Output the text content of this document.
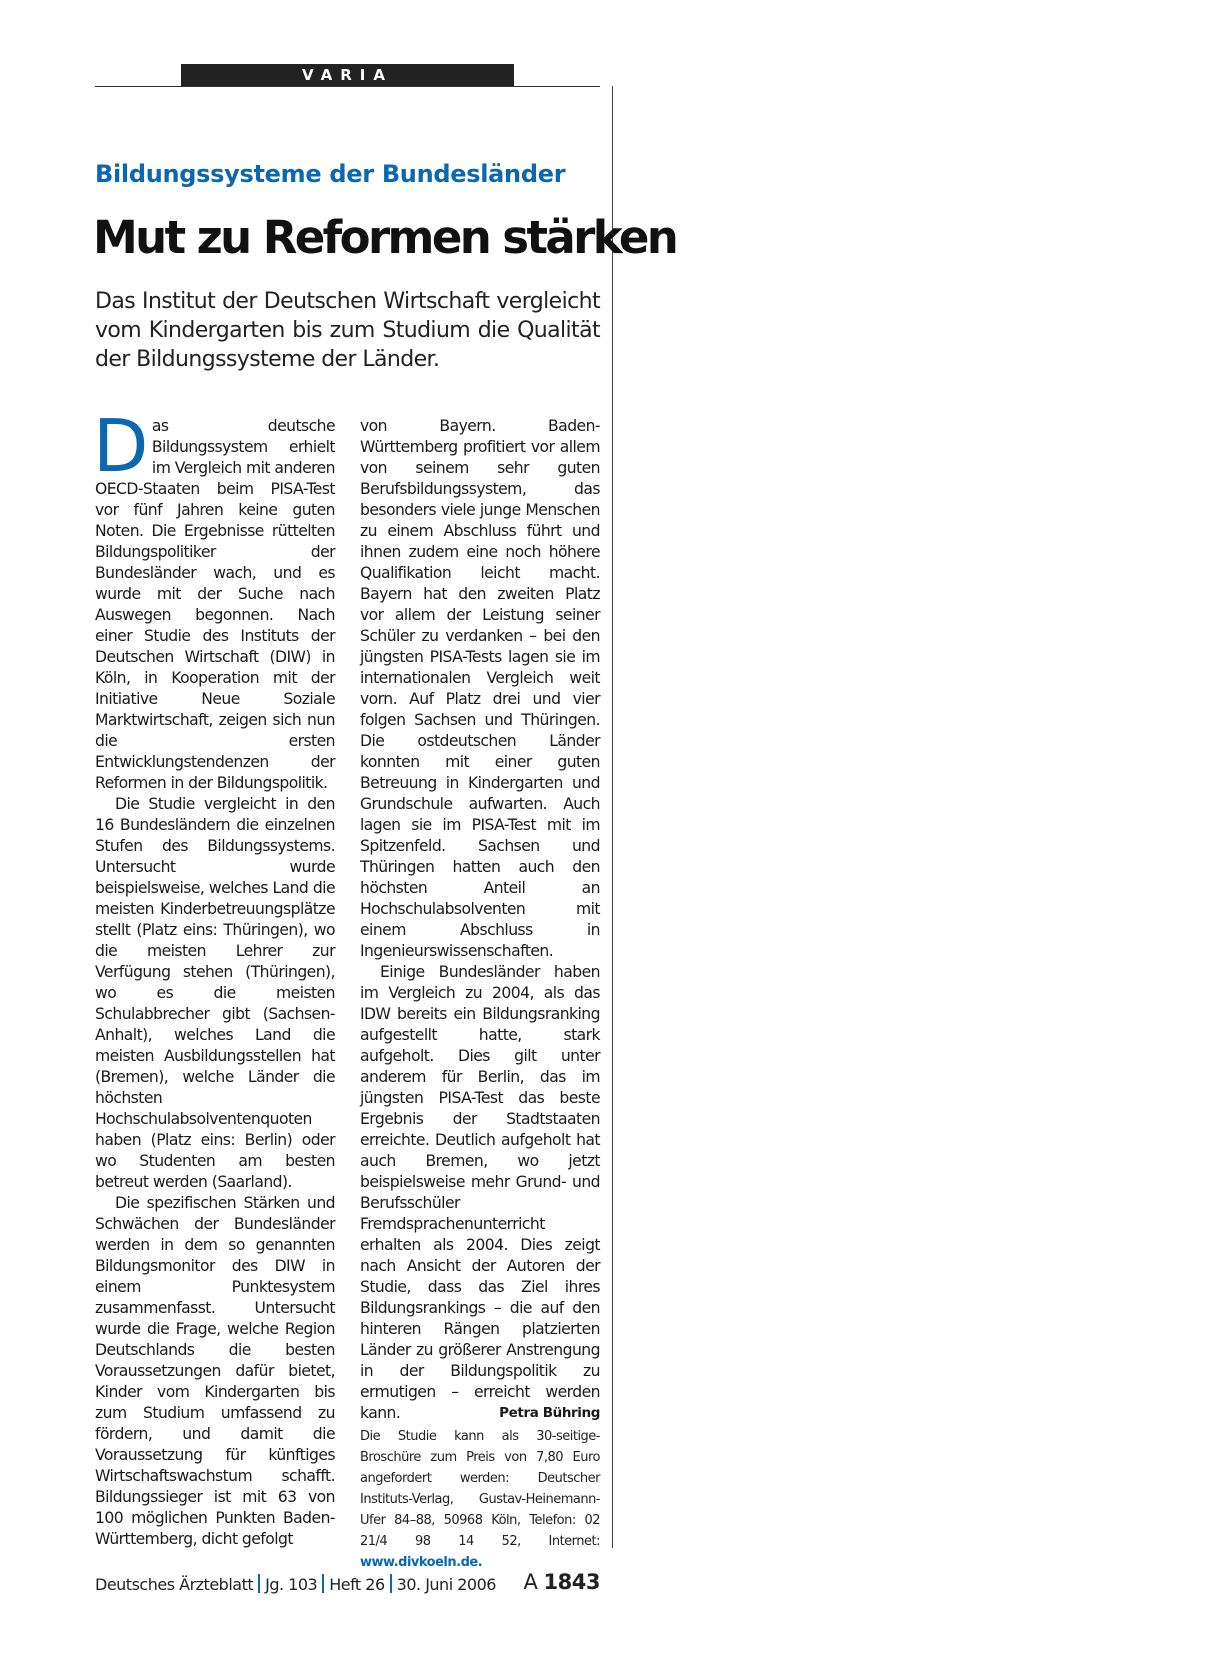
VARIA
Bildungssysteme der Bundesländer
Mut zu Reformen stärken
Das Institut der Deutschen Wirtschaft vergleicht vom Kindergarten bis zum Studium die Qualität der Bildungssysteme der Länder.

Das deutsche Bildungssystem erhielt im Vergleich mit anderen OECD-Staaten beim PISA-Test vor fünf Jahren keine guten Noten. Die Ergebnisse rüttelten Bildungspolitiker der Bundesländer wach, und es wurde mit der Suche nach Auswegen begonnen. Nach einer Studie des Instituts der Deutschen Wirtschaft (DIW) in Köln, in Kooperation mit der Initiative Neue Soziale Marktwirtschaft, zeigen sich nun die ersten Entwicklungstendenzen der Reformen in der Bildungspolitik.

Die Studie vergleicht in den 16 Bundesländern die einzelnen Stufen des Bildungssystems. Untersucht wurde beispielsweise, welches Land die meisten Kinderbetreuungsplätze stellt (Platz eins: Thüringen), wo die meisten Lehrer zur Verfügung stehen (Thüringen), wo es die meisten Schulabbrecher gibt (Sachsen-Anhalt), welches Land die meisten Ausbildungsstellen hat (Bremen), welche Länder die höchsten Hochschulabsolventenquoten haben (Platz eins: Berlin) oder wo Studenten am besten betreut werden (Saarland).

Die spezifischen Stärken und Schwächen der Bundesländer werden in dem so genannten Bildungsmonitor des DIW in einem Punktesystem zusammenfasst. Untersucht wurde die Frage, welche Region Deutschlands die besten Voraussetzungen dafür bietet, Kinder vom Kindergarten bis zum Studium umfassend zu fördern, und damit die Voraussetzung für künftiges Wirtschaftswachstum schafft. Bildungssieger ist mit 63 von 100 möglichen Punkten Baden-Württemberg, dicht gefolgt

von Bayern. Baden-Württemberg profitiert vor allem von seinem sehr guten Berufsbildungssystem, das besonders viele junge Menschen zu einem Abschluss führt und ihnen zudem eine noch höhere Qualifikation leicht macht. Bayern hat den zweiten Platz vor allem der Leistung seiner Schüler zu verdanken – bei den jüngsten PISA-Tests lagen sie im internationalen Vergleich weit vorn. Auf Platz drei und vier folgen Sachsen und Thüringen. Die ostdeutschen Länder konnten mit einer guten Betreuung in Kindergarten und Grundschule aufwarten. Auch lagen sie im PISA-Test mit im Spitzenfeld. Sachsen und Thüringen hatten auch den höchsten Anteil an Hochschulabsolventen mit einem Abschluss in Ingenieurswissenschaften.

Einige Bundesländer haben im Vergleich zu 2004, als das IDW bereits ein Bildungsranking aufgestellt hatte, stark aufgeholt. Dies gilt unter anderem für Berlin, das im jüngsten PISA-Test das beste Ergebnis der Stadtstaaten erreichte. Deutlich aufgeholt hat auch Bremen, wo jetzt beispielsweise mehr Grund- und Berufsschüler Fremdsprachenunterricht erhalten als 2004. Dies zeigt nach Ansicht der Autoren der Studie, dass das Ziel ihres Bildungsrankings – die auf den hinteren Rängen platzierten Länder zu größerer Anstrengung in der Bildungspolitik zu ermutigen – erreicht werden kann.	Petra Bühring

Die Studie kann als 30-seitige-Broschüre zum Preis von 7,80 Euro angefordert werden: Deutscher Instituts-Verlag, Gustav-Heinemann-Ufer 84–88, 50968 Köln, Telefon: 02 21/4 98 14 52, Internet: www.divkoeln.de.
Deutsches Ärzteblatt Jg. 103 Heft 26 30. Juni 2006 A 1843
